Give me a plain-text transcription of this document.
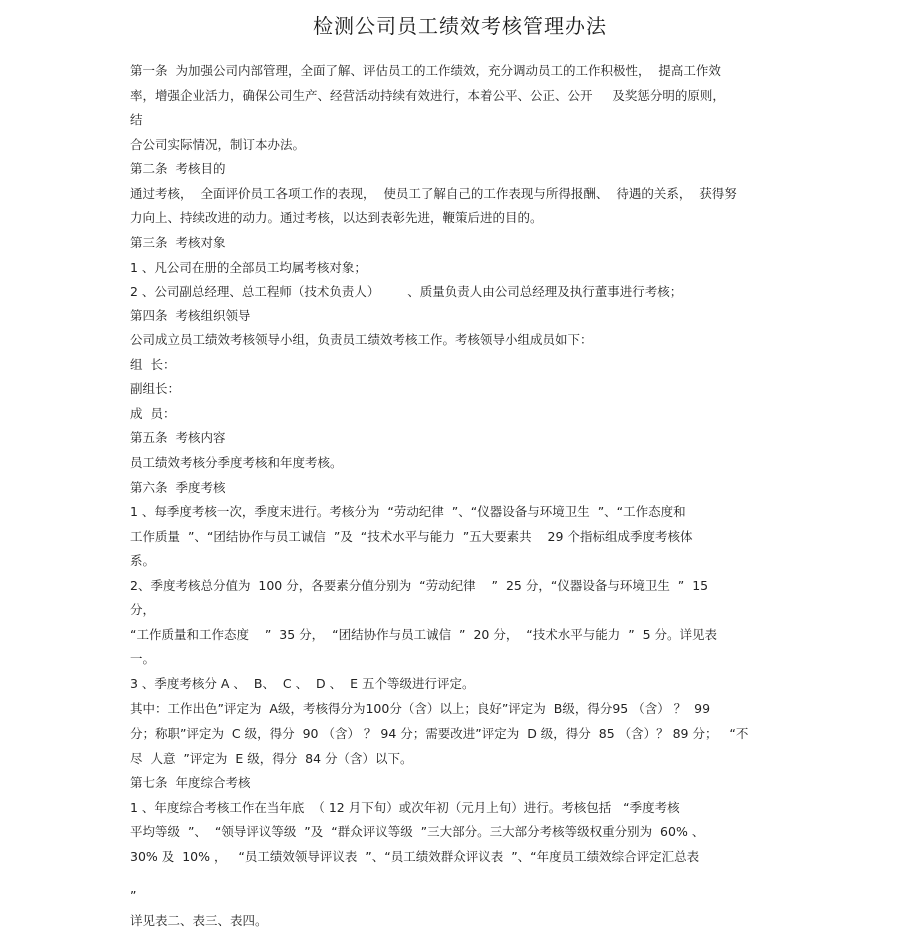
检测公司员工绩效考核管理办法
第一条  为加强公司内部管理，全面了解、评估员工的工作绩效，充分调动员工的工作积极性，  提高工作效
率，增强企业活力，确保公司生产、经营活动持续有效进行，本着公平、公正、公开     及奖惩分明的原则，
结
合公司实际情况，制订本办法。
第二条  考核目的
通过考核，  全面评价员工各项工作的表现，  使员工了解自己的工作表现与所得报酬、  待遇的关系，  获得努
力向上、持续改进的动力。通过考核，以达到表彰先进，鞭策后进的目的。
第三条  考核对象
1 、凡公司在册的全部员工均属考核对象；
2 、公司副总经理、总工程师（技术负责人）       、质量负责人由公司总经理及执行董事进行考核；
第四条  考核组织领导
公司成立员工绩效考核领导小组，负责员工绩效考核工作。考核领导小组成员如下：
组  长：
副组长：
成  员：
第五条  考核内容
员工绩效考核分季度考核和年度考核。
第六条  季度考核
1 、每季度考核一次，季度末进行。考核分为  “劳动纪律  ”、“仪器设备与环境卫生  ”、“工作态度和
工作质量  ”、“团结协作与员工诚信  ”及  “技术水平与能力  ”五大要素共    29 个指标组成季度考核体
系。
2、季度考核总分值为  100 分，各要素分值分别为  “劳动纪律    ”  25 分，“仪器设备与环境卫生  ”  15
分，
“工作质量和工作态度    ”  35 分，  “团结协作与员工诚信  ”  20 分，  “技术水平与能力  ”  5 分。详见表
一。
3 、季度考核分 A 、  B、  C 、  D 、  E 五个等级进行评定。
其中：工作出色”评定为  A级，考核得分为100分（含）以上；良好”评定为  B级，得分95 （含） ？  99
分；称职”评定为  C 级，得分  90 （含） ？ 94 分；需要改进”评定为  D 级，得分  85 （含）？ 89 分；   “不
尽  人意  ”评定为  E 级，得分  84 分（含）以下。
第七条  年度综合考核
1 、年度综合考核工作在当年底  （ 12 月下旬）或次年初（元月上旬）进行。考核包括   “季度考核
平均等级  ”、  “领导评议等级  ”及  “群众评议等级  ”三大部分。三大部分考核等级权重分别为  60% 、
30% 及  10% ，   “员工绩效领导评议表  ”、“员工绩效群众评议表  ”、“年度员工绩效综合评定汇总表
”
详见表二、表三、表四。
